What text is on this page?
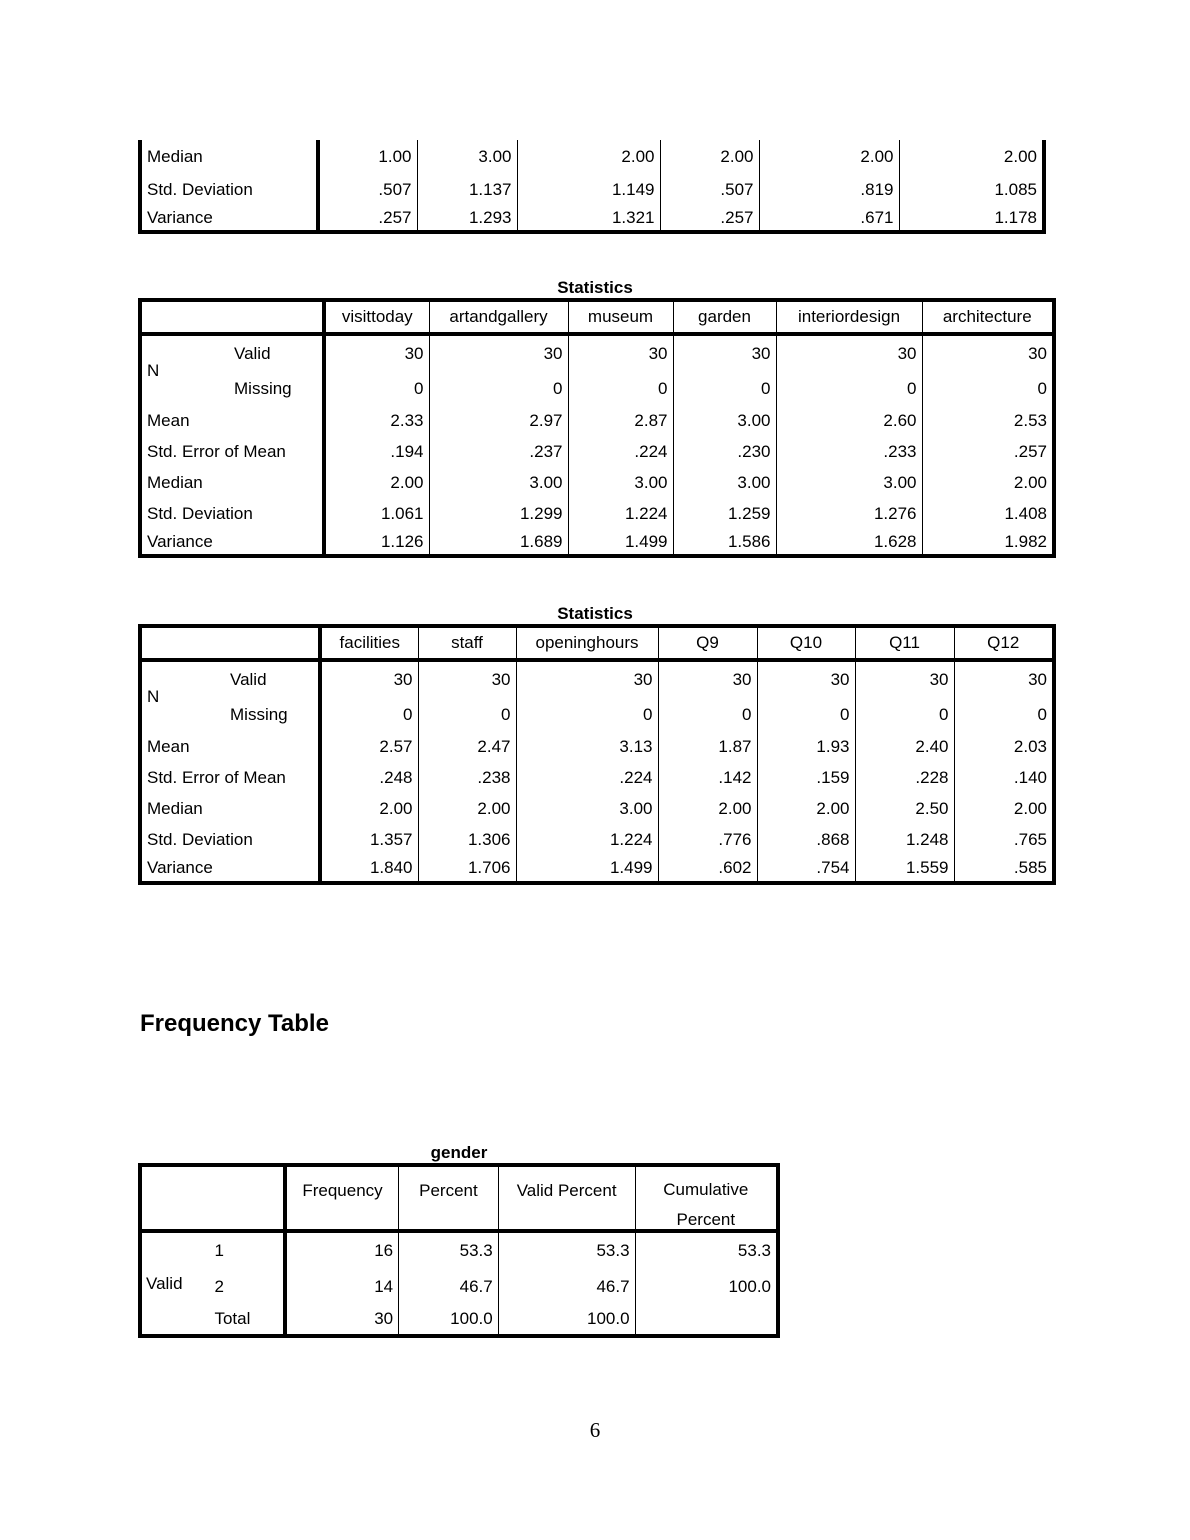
Median	1.00	3.00	2.00	2.00	2.00	2.00
Std. Deviation	.507	1.137	1.149	.507	.819	1.085
Variance	.257	1.293	1.321	.257	.671	1.178
Statistics
		visittoday	artandgallery	museum	garden	interiordesign	architecture
N	Valid	30	30	30	30	30	30
	Missing	0	0	0	0	0	0
Mean		2.33	2.97	2.87	3.00	2.60	2.53
Std. Error of Mean		.194	.237	.224	.230	.233	.257
Median		2.00	3.00	3.00	3.00	3.00	2.00
Std. Deviation		1.061	1.299	1.224	1.259	1.276	1.408
Variance		1.126	1.689	1.499	1.586	1.628	1.982
Statistics
		facilities	staff	openinghours	Q9	Q10	Q11	Q12
N	Valid	30	30	30	30	30	30	30
	Missing	0	0	0	0	0	0	0
Mean		2.57	2.47	3.13	1.87	1.93	2.40	2.03
Std. Error of Mean		.248	.238	.224	.142	.159	.228	.140
Median		2.00	2.00	3.00	2.00	2.00	2.50	2.00
Std. Deviation		1.357	1.306	1.224	.776	.868	1.248	.765
Variance		1.840	1.706	1.499	.602	.754	1.559	.585
Frequency Table
gender
		Frequency	Percent	Valid Percent	Cumulative
Percent

Valid	1	16	53.3	53.3	53.3
	2	14	46.7	46.7	100.0
	Total	30	100.0	100.0	
6
